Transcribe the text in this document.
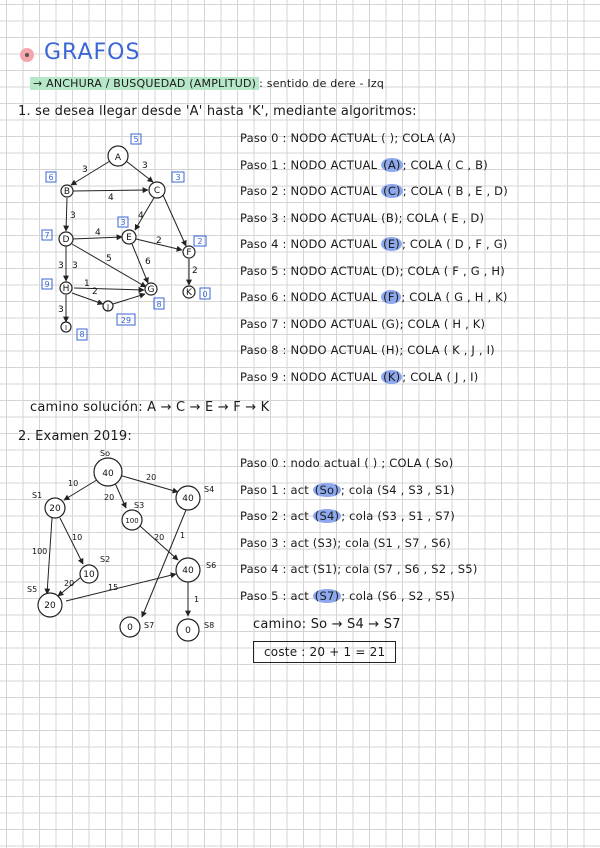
GRAFOS
→ ANCHURA / BUSQUEDAD (AMPLITUD) : sentido de dere - Izq
1. se desea llegar desde 'A' hasta 'K', mediante algoritmos:
A
B	C
D	E
F
H	G	K
I
J
3	3
4
4
3
3
4
2
2
5	6
3
1
2
3
5
6	3
7
3
2
9
0
29
8
8
Paso 0 : NODO ACTUAL ( ); COLA (A)
Paso 1 : NODO ACTUAL (A) ; COLA ( C , B)
Paso 2 : NODO ACTUAL (C) ; COLA ( B , E , D)
Paso 3 : NODO ACTUAL (B); COLA ( E , D)
Paso 4 : NODO ACTUAL (E) ; COLA ( D , F , G)
Paso 5 : NODO ACTUAL (D); COLA ( F , G , H)
Paso 6 : NODO ACTUAL (F) ; COLA ( G , H , K)
Paso 7 : NODO ACTUAL (G); COLA ( H , K)
Paso 8 : NODO ACTUAL (H); COLA ( K , J , I)
Paso 9 : NODO ACTUAL (K) ; COLA ( J , I)
camino solución: A → C → E → F → K
2. Examen 2019:
40
20
100
40
10	40
20
0	0
So
S1
S3
S4
S2
S6
S5
S7	S8
10
20
20
10	20
100
20	15
1
1
Paso 0 : nodo actual ( ) ; COLA ( So)
Paso 1 : act (So) ; cola (S4 , S3 , S1)
Paso 2 : act (S4) ; cola (S3 , S1 , S7)
Paso 3 : act (S3); cola (S1 , S7 , S6)
Paso 4 : act (S1); cola (S7 , S6 , S2 , S5)
Paso 5 : act (S7) ; cola (S6 , S2 , S5)
camino: So → S4 → S7
coste : 20 + 1 = 21
